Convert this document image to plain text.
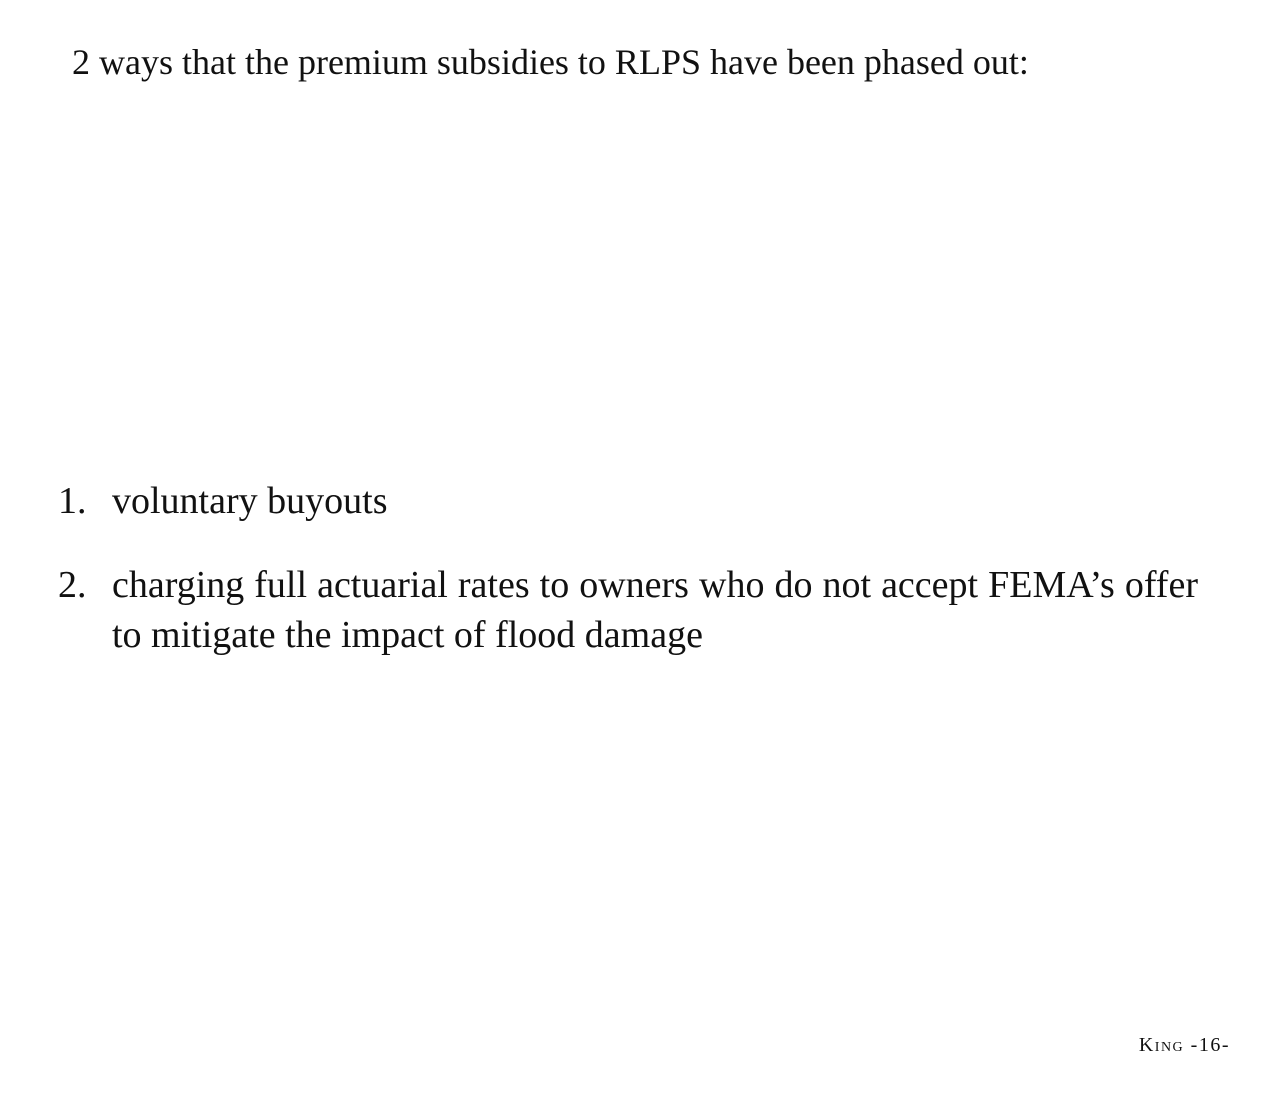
2 ways that the premium subsidies to RLPS have been phased out:
1. voluntary buyouts
2. charging full actuarial rates to owners who do not accept FEMA’s offer to mitigate the impact of flood damage
King -16-
